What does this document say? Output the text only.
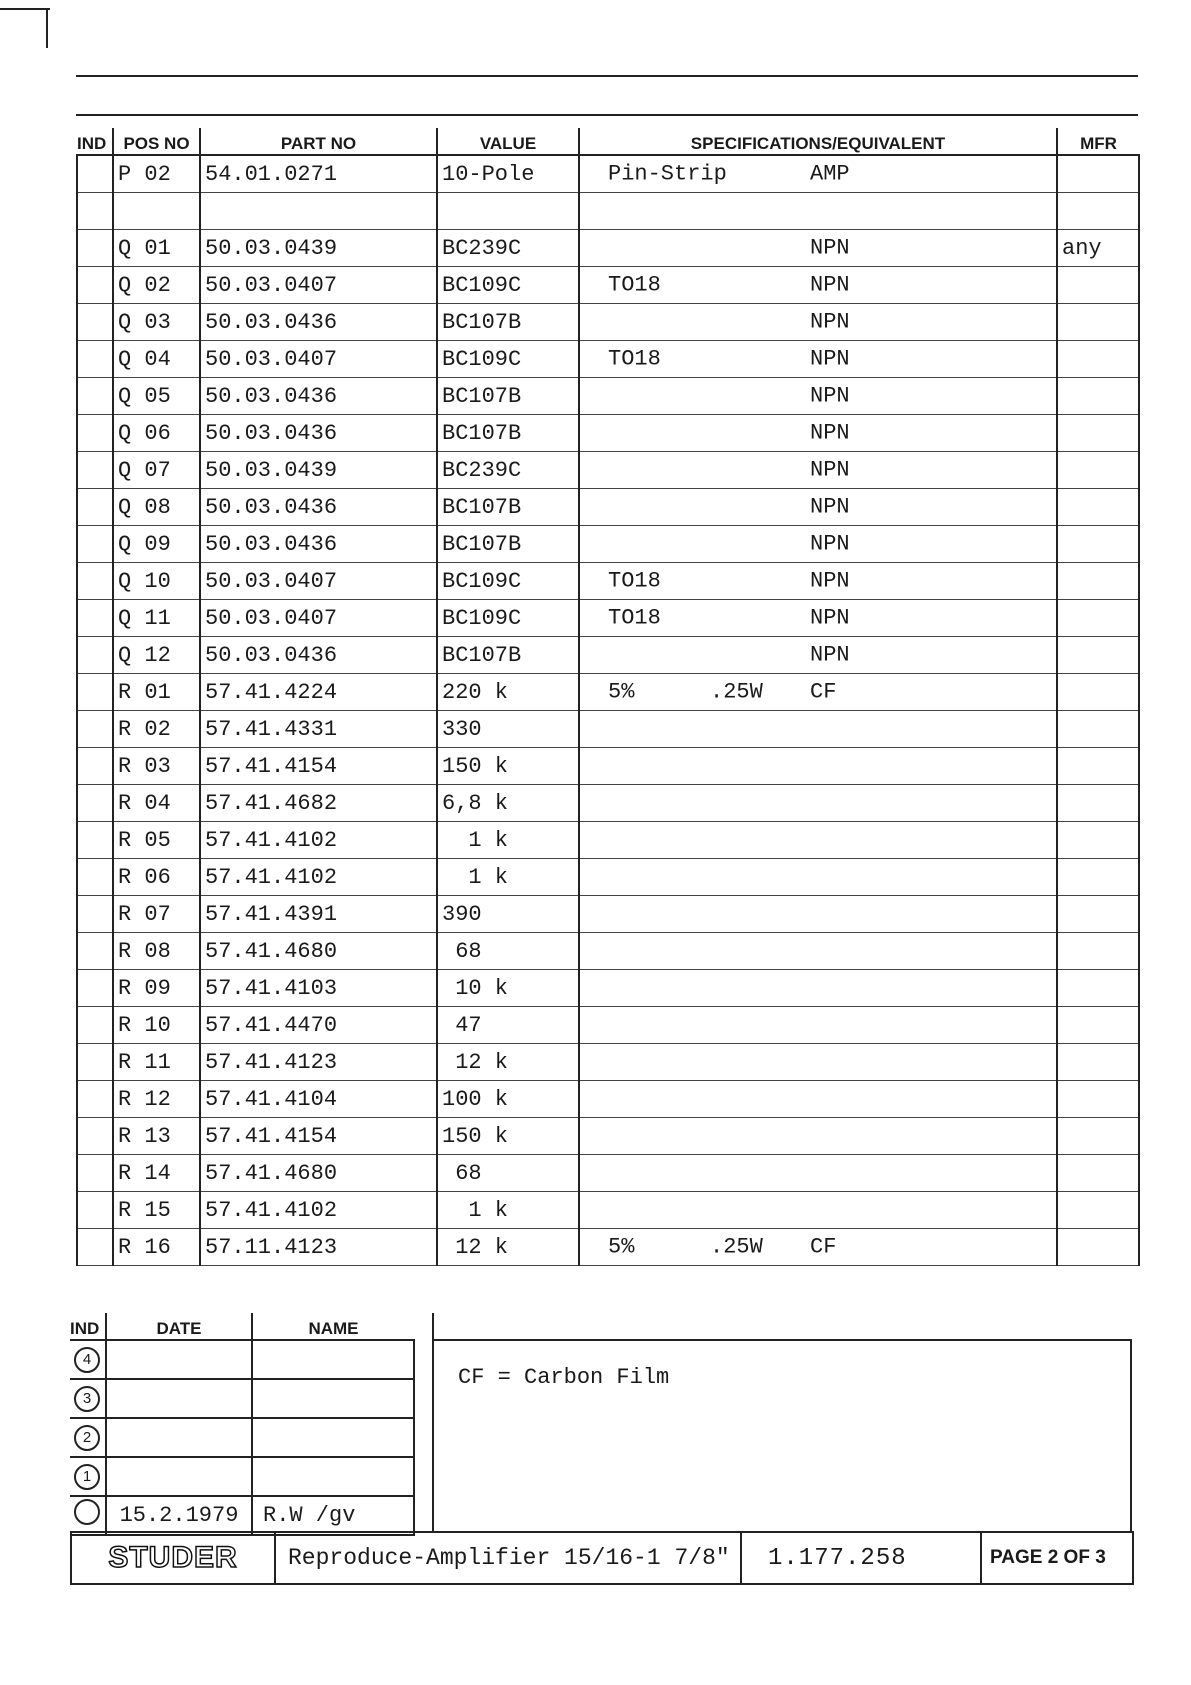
IND	POS NO	PART NO	VALUE	SPECIFICATIONS/EQUIVALENT	MFR
	P 02	54.01.0271	10-Pole	Pin-Strip AMP	

	Q 01	50.03.0439	BC239C	NPN	any
	Q 02	50.03.0407	BC109C	TO18 NPN	

	Q 03	50.03.0436	BC107B	NPN	

	Q 04	50.03.0407	BC109C	TO18 NPN	

	Q 05	50.03.0436	BC107B	NPN	

	Q 06	50.03.0436	BC107B	NPN	

	Q 07	50.03.0439	BC239C	NPN	

	Q 08	50.03.0436	BC107B	NPN	

	Q 09	50.03.0436	BC107B	NPN	

	Q 10	50.03.0407	BC109C	TO18 NPN	

	Q 11	50.03.0407	BC109C	TO18 NPN	

	Q 12	50.03.0436	BC107B	NPN	

	R 01	57.41.4224	220 k	5% .25W CF	

	R 02	57.41.4331	330	

	R 03	57.41.4154	150 k	

	R 04	57.41.4682	6,8 k	

	R 05	57.41.4102	1 k	

	R 06	57.41.4102	1 k	

	R 07	57.41.4391	390	

	R 08	57.41.4680	68	

	R 09	57.41.4103	10 k	

	R 10	57.41.4470	47	

	R 11	57.41.4123	12 k	

	R 12	57.41.4104	100 k	

	R 13	57.41.4154	150 k	

	R 14	57.41.4680	68	

	R 15	57.41.4102	1 k	

	R 16	57.11.4123	12 k	5% .25W CF	

IND	DATE	NAME
4		
3		
2		
1		
	15.2.1979	R.W /gv
CF = Carbon Film
STUDER	Reproduce-Amplifier 15/16-1 7/8"	1.177.258	PAGE 2 OF 3
